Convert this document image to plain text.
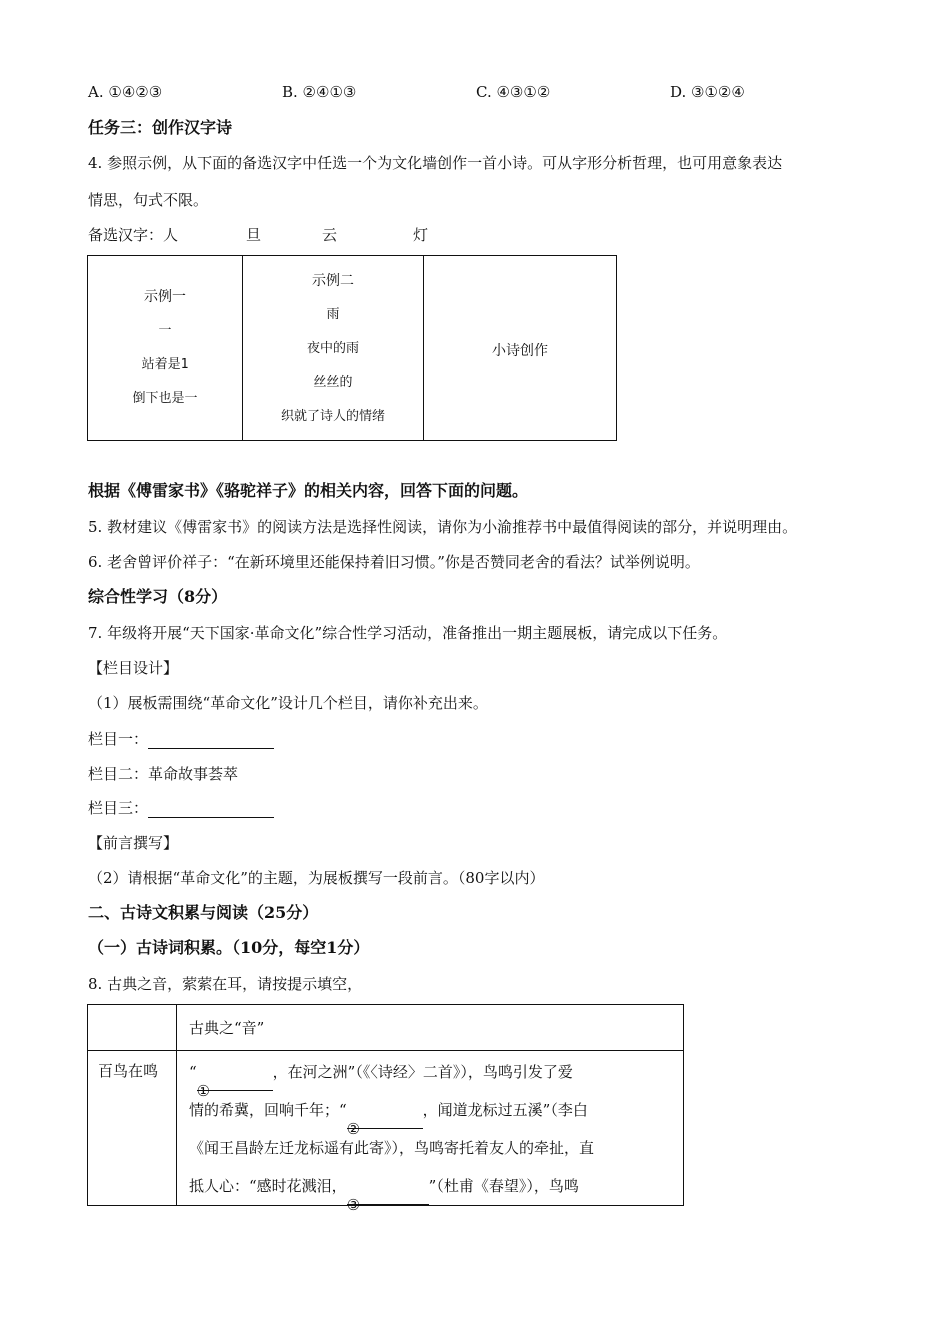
A. ①④②③	B. ②④①③	C. ④③①②	D. ③①②④
任务三：创作汉字诗
4. 参照示例，从下面的备选汉字中任选一个为文化墙创作一首小诗。可从字形分析哲理，也可用意象表达
情思，句式不限。
备选汉字：人	旦	云	灯
示例一
一
站着是1
倒下也是一

示例二
雨
夜中的雨
丝丝的
织就了诗人的情绪

小诗创作
根据《傅雷家书》《骆驼祥子》的相关内容，回答下面的问题。
5. 教材建议《傅雷家书》的阅读方法是选择性阅读，请你为小渝推荐书中最值得阅读的部分，并说明理由。
6. 老舍曾评价祥子：“在新环境里还能保持着旧习惯。”你是否赞同老舍的看法？试举例说明。
综合性学习（8分）
7. 年级将开展“天下国家·革命文化”综合性学习活动，准备推出一期主题展板，请完成以下任务。
【栏目设计】
（1）展板需围绕“革命文化”设计几个栏目，请你补充出来。
栏目一：
栏目二：革命故事荟萃
栏目三：
【前言撰写】
（2）请根据“革命文化”的主题，为展板撰写一段前言。（80字以内）
二、古诗文积累与阅读（25分）
（一）古诗词积累。（10分，每空1分）
8. 古典之音，萦萦在耳，请按提示填空，
	古典之“音”
百鸟在鸣	“①，在河之洲”（《〈诗经〉二首》），鸟鸣引发了爱
情的希冀，回响千年；“②，闻道龙标过五溪”（李白
《闻王昌龄左迁龙标遥有此寄》），鸟鸣寄托着友人的牵扯，直
抵人心：“感时花溅泪，③”（杜甫《春望》），鸟鸣
